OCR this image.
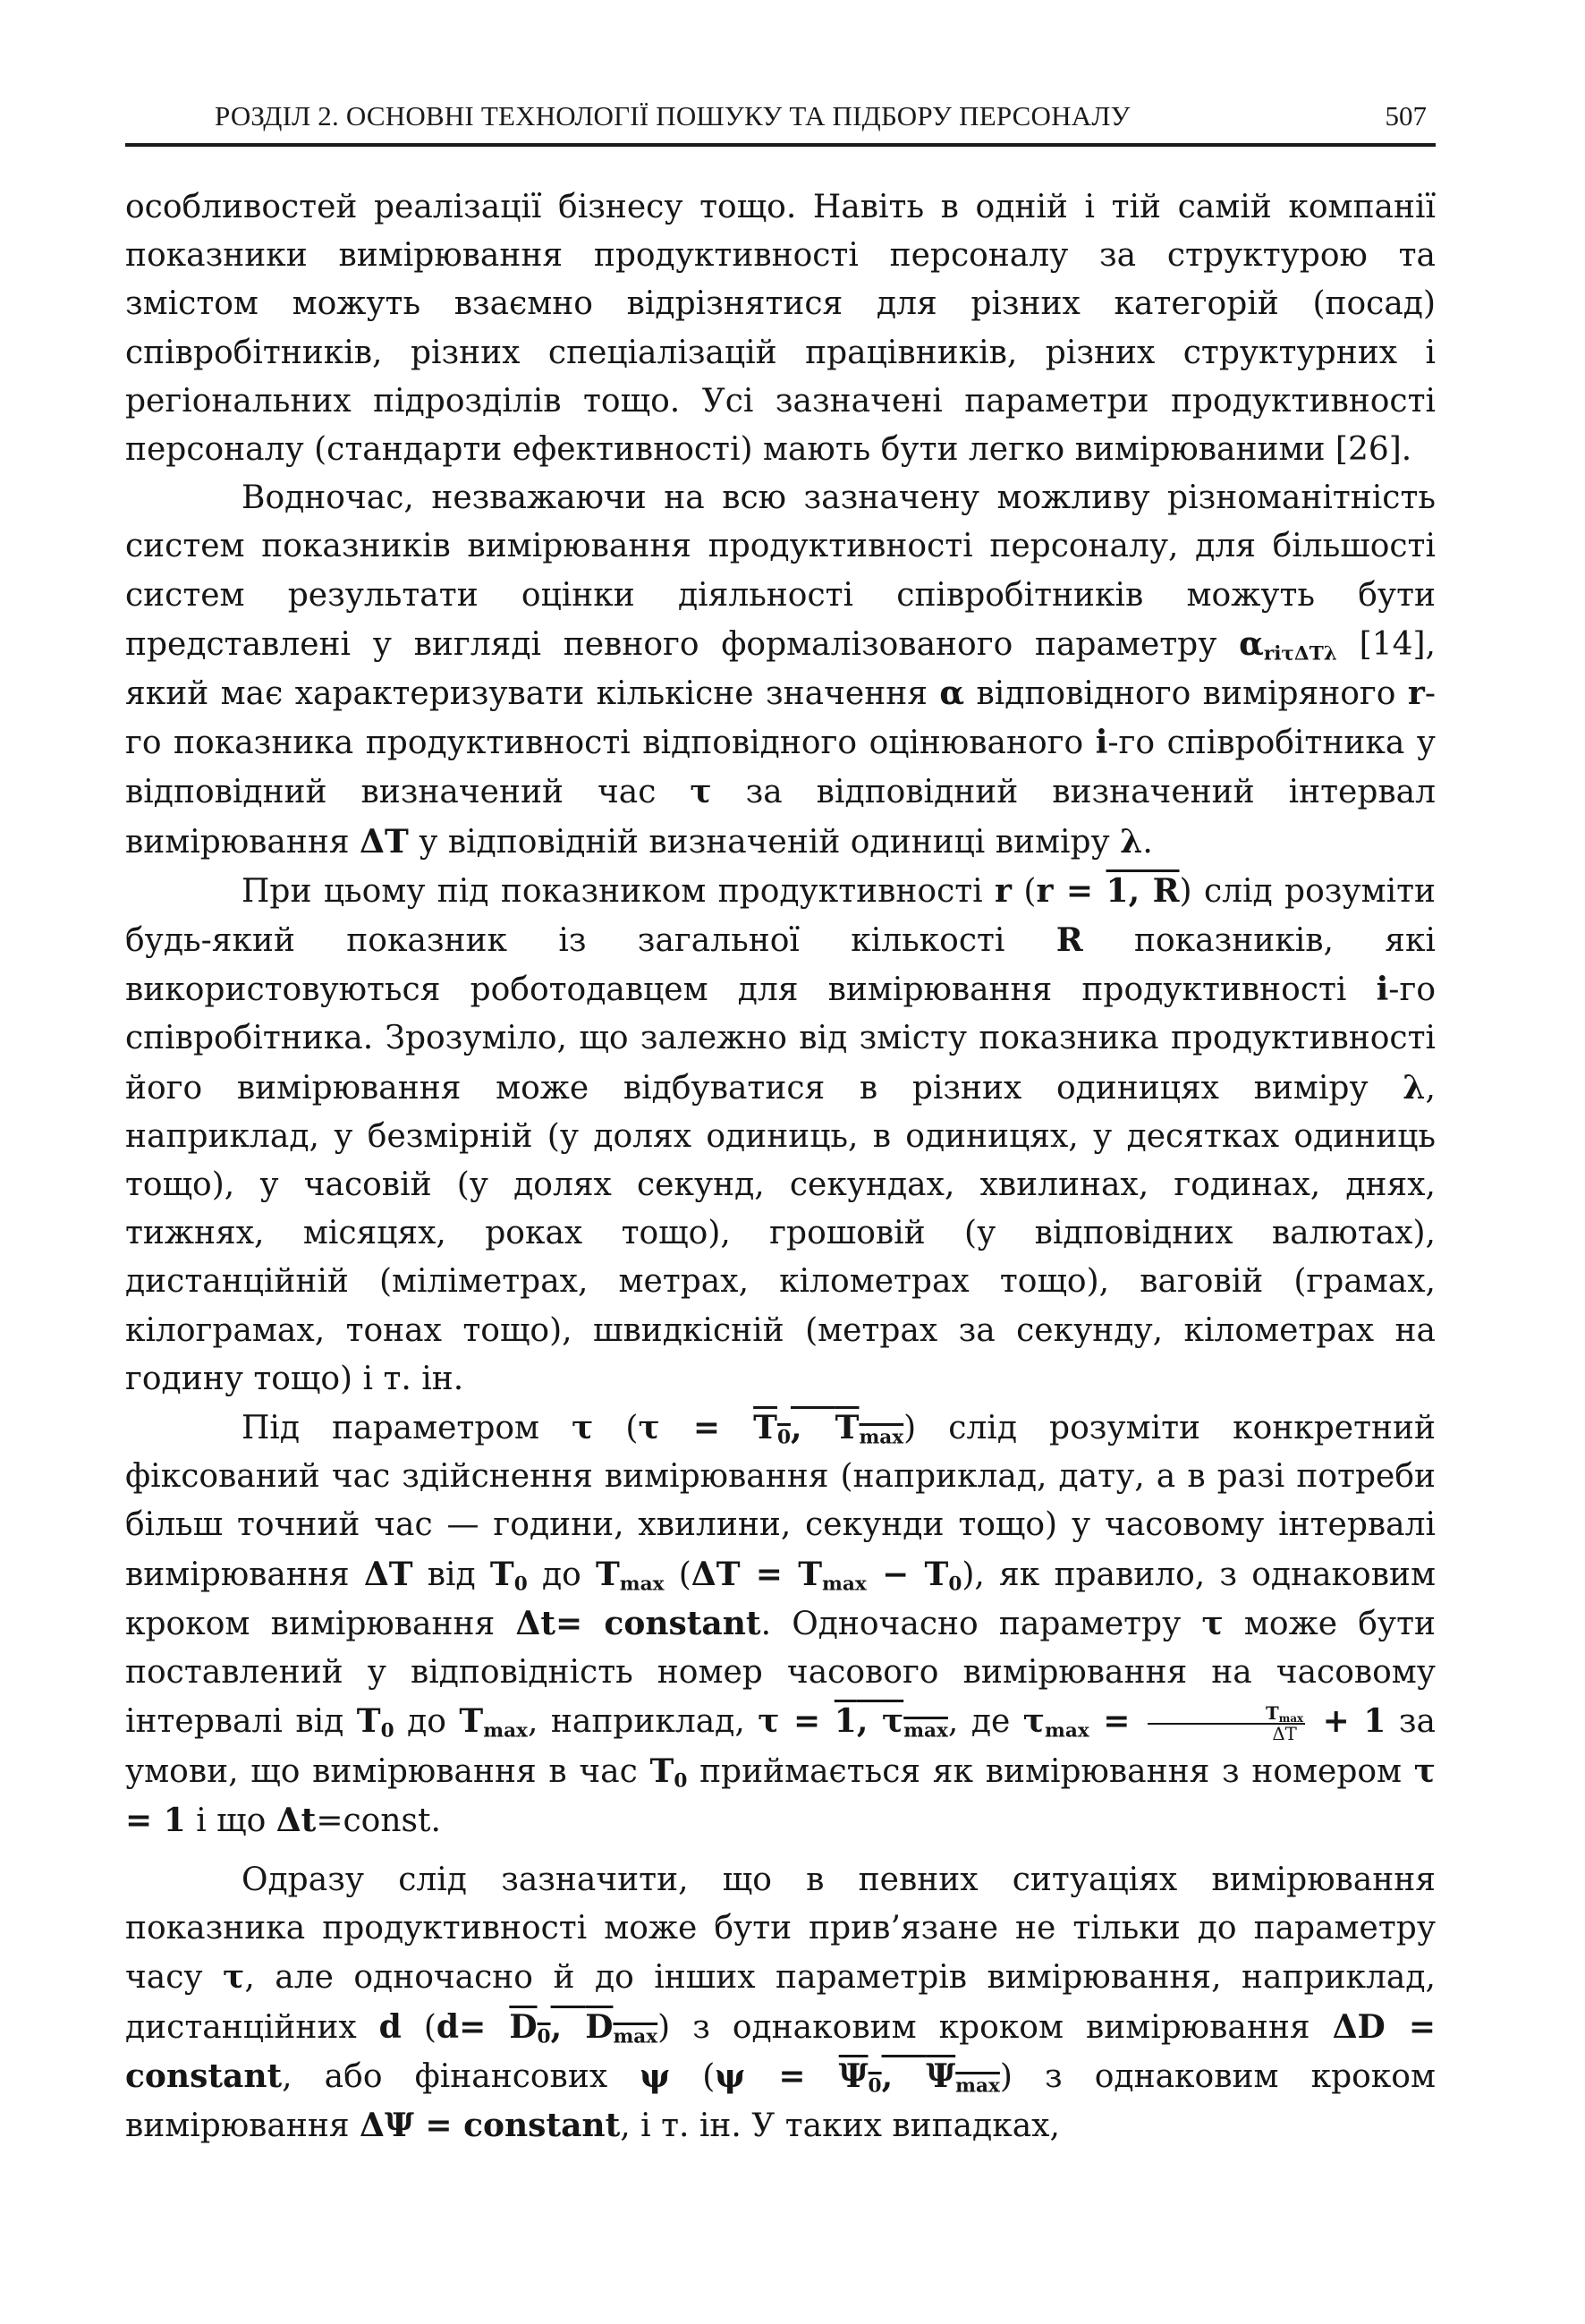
РОЗДІЛ 2. ОСНОВНІ ТЕХНОЛОГІЇ ПОШУКУ ТА ПІДБОРУ ПЕРСОНАЛУ	507

особливостей реалізації бізнесу тощо. Навіть в одній і тій самій компанії показники вимірювання продуктивності персоналу за структурою та змістом можуть взаємно відрізнятися для різних категорій (посад) співробітників, різних спеціалізацій працівників, різних структурних і регіональних підрозділів тощо. Усі зазначені параметри продуктивності персоналу (стандарти ефективності) мають бути легко вимірюваними [26].

Водночас, незважаючи на всю зазначену можливу різноманітність систем показників вимірювання продуктивності персоналу, для більшості систем результати оцінки діяльності співробітників можуть бути представлені у вигляді певного формалізованого параметру $\alpha_{ri\tau\Delta T\lambda}$ [14], який має характеризувати кількісне значення α відповідного виміряного r-го показника продуктивності відповідного оцінюваного i-го співробітника у відповідний визначений час τ за відповідний визначений інтервал вимірювання ΔT у відповідній визначеній одиниці виміру λ.

При цьому під показником продуктивності r (r = 1, R) слід розуміти будь-який показник із загальної кількості R показників, які використовуються роботодавцем для вимірювання продуктивності i-го співробітника. Зрозуміло, що залежно від змісту показника продуктивності його вимірювання може відбуватися в різних одиницях виміру λ, наприклад, у безмірній (у долях одиниць, в одиницях, у десятках одиниць тощо), у часовій (у долях секунд, секундах, хвилинах, годинах, днях, тижнях, місяцях, роках тощо), грошовій (у відповідних валютах), дистанційній (міліметрах, метрах, кілометрах тощо), ваговій (грамах, кілограмах, тонах тощо), швидкісній (метрах за секунду, кілометрах на годину тощо) і т. ін.

Під параметром τ ($\tau = T_0$, $T_{max}$) слід розуміти конкретний фіксований час здійснення вимірювання (наприклад, дату, а в разі потреби більш точний час — години, хвилини, секунди тощо) у часовому інтервалі вимірювання ΔT від $T_0$ до $T_{max}$ $(\Delta T = T_{max} - T_0)$, як правило, з однаковим кроком вимірювання Δt= constant. Одночасно параметру τ може бути поставлений у відповідність номер часового вимірювання на часовому інтервалі від $T_0$ до $T_{max}$, наприклад, τ = 1, $\tau_{max}$, де $\tau_{max} = \frac{T_{max}}{\Delta T} + 1$ за умови, що вимірювання в час $T_0$ приймається як вимірювання з номером τ = 1 і що Δt=const.

Одразу слід зазначити, що в певних ситуаціях вимірювання показника продуктивності може бути прив’язане не тільки до параметру часу τ, але одночасно й до інших параметрів вимірювання, наприклад, дистанційних d ($d= D_0$, $D_{max}$) з однаковим кроком вимірювання ΔD = constant, або фінансових ψ ($\psi = \Psi_0$, $\Psi_{max}$) з однаковим кроком вимірювання ΔΨ = constant, і т. ін. У таких випадках,
